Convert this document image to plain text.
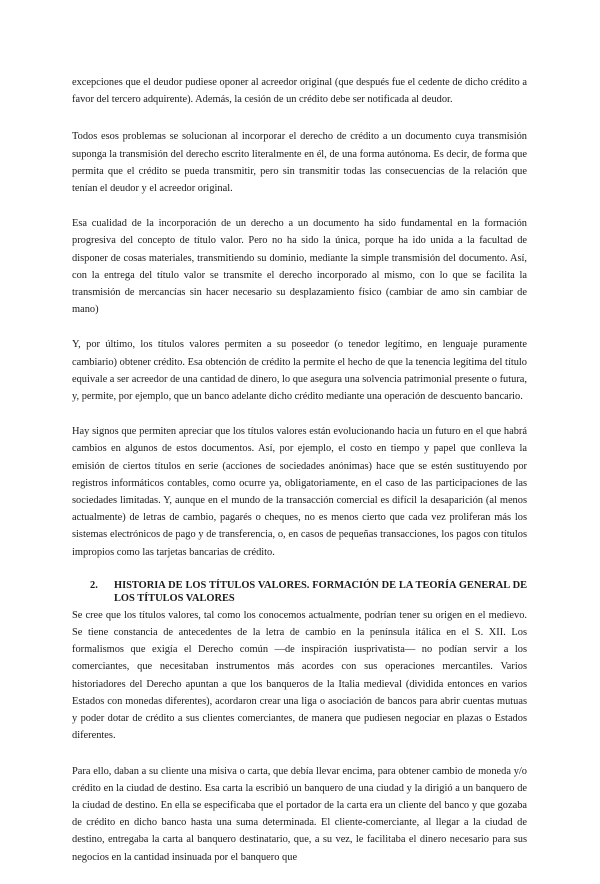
excepciones que el deudor pudiese oponer al acreedor original (que después fue el cedente de dicho crédito a favor del tercero adquirente). Además, la cesión de un crédito debe ser notificada al deudor.

Todos esos problemas se solucionan al incorporar el derecho de crédito a un documento cuya transmisión suponga la transmisión del derecho escrito literalmente en él, de una forma autónoma. Es decir, de forma que permita que el crédito se pueda transmitir, pero sin transmitir todas las consecuencias de la relación que tenían el deudor y el acreedor original.

Esa cualidad de la incorporación de un derecho a un documento ha sido fundamental en la formación progresiva del concepto de título valor. Pero no ha sido la única, porque ha ido unida a la facultad de disponer de cosas materiales, transmitiendo su dominio, mediante la simple transmisión del documento. Así, con la entrega del título valor se transmite el derecho incorporado al mismo, con lo que se facilita la transmisión de mercancías sin hacer necesario su desplazamiento físico (cambiar de amo sin cambiar de mano)

Y, por último, los títulos valores permiten a su poseedor (o tenedor legítimo, en lenguaje puramente cambiario) obtener crédito. Esa obtención de crédito la permite el hecho de que la tenencia legítima del título equivale a ser acreedor de una cantidad de dinero, lo que asegura una solvencia patrimonial presente o futura, y, permite, por ejemplo, que un banco adelante dicho crédito mediante una operación de descuento bancario.

Hay signos que permiten apreciar que los títulos valores están evolucionando hacia un futuro en el que habrá cambios en algunos de estos documentos. Así, por ejemplo, el costo en tiempo y papel que conlleva la emisión de ciertos títulos en serie (acciones de sociedades anónimas) hace que se estén sustituyendo por registros informáticos contables, como ocurre ya, obligatoriamente, en el caso de las participaciones de las sociedades limitadas. Y, aunque en el mundo de la transacción comercial es difícil la desaparición (al menos actualmente) de letras de cambio, pagarés o cheques, no es menos cierto que cada vez proliferan más los sistemas electrónicos de pago y de transferencia, o, en casos de pequeñas transacciones, los pagos con títulos impropios como las tarjetas bancarias de crédito.

2.	HISTORIA DE LOS TÍTULOS VALORES. FORMACIÓN DE LA TEORÍA GENERAL DE LOS TÍTULOS VALORES

Se cree que los títulos valores, tal como los conocemos actualmente, podrían tener su origen en el medievo. Se tiene constancia de antecedentes de la letra de cambio en la península itálica en el S. XII. Los formalismos que exigía el Derecho común —de inspiración iusprivatista— no podían servir a los comerciantes, que necesitaban instrumentos más acordes con sus operaciones mercantiles. Varios historiadores del Derecho apuntan a que los banqueros de la Italia medieval (dividida entonces en varios Estados con monedas diferentes), acordaron crear una liga o asociación de bancos para abrir cuentas mutuas y poder dotar de crédito a sus clientes comerciantes, de manera que pudiesen negociar en plazas o Estados diferentes.

Para ello, daban a su cliente una misiva o carta, que debía llevar encima, para obtener cambio de moneda y/o crédito en la ciudad de destino. Esa carta la escribió un banquero de una ciudad y la dirigió a un banquero de la ciudad de destino. En ella se especificaba que el portador de la carta era un cliente del banco y que gozaba de crédito en dicho banco hasta una suma determinada. El cliente-comerciante, al llegar a la ciudad de destino, entregaba la carta al banquero destinatario, que, a su vez, le facilitaba el dinero necesario para sus negocios en la cantidad insinuada por el banquero que
